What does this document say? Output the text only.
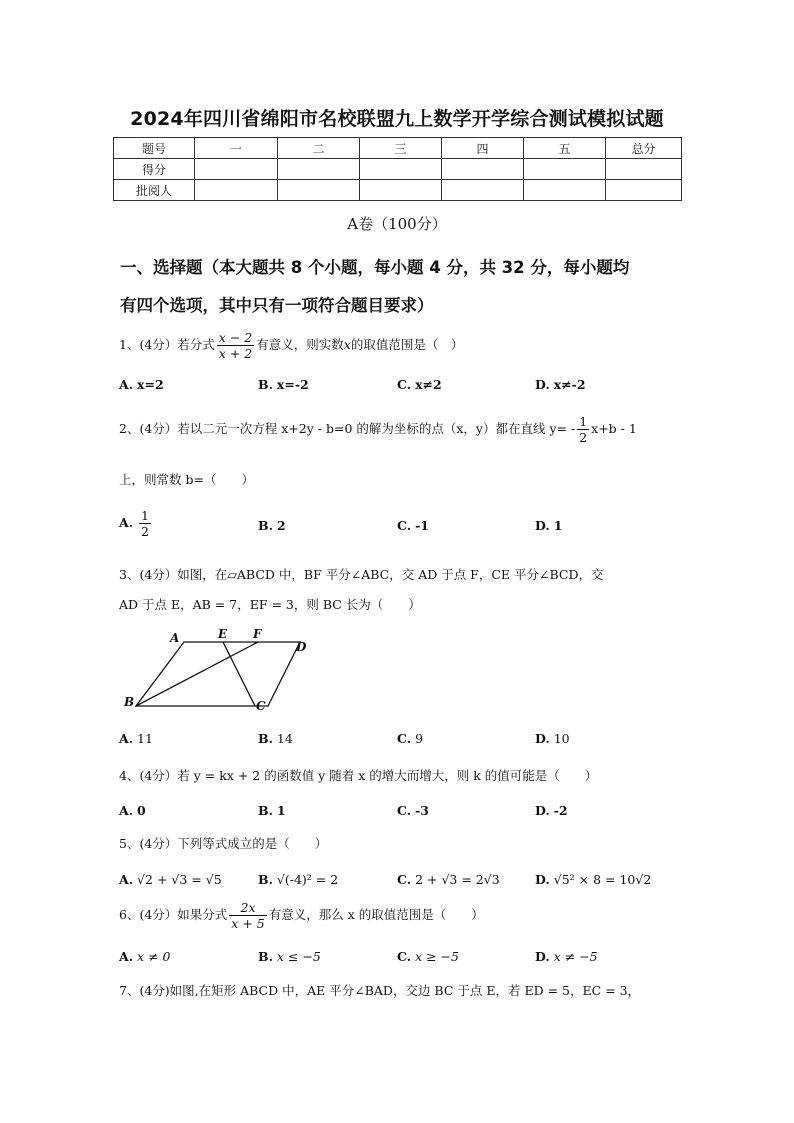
2024年四川省绵阳市名校联盟九上数学开学综合测试模拟试题
题号	一	二	三	四	五	总分
得分						
批阅人						
A卷（100分）
一、选择题（本大题共 8 个小题，每小题 4 分，共 32 分，每小题均
有四个选项，其中只有一项符合题目要求）
1、(4分）若分式 $\frac{x - 2}{x + 2}$ 有意义，则实数x的取值范围是（　）
A. x=2	B. x=-2	C. x≠2	D. x≠-2
2、(4分）若以二元一次方程 x+2y - b=0 的解为坐标的点（x，y）都在直线 $y= - \frac{1}{2} x+b - 1$
上，则常数 b=（　　）
A. $\frac{1}{2}$	B. 2	C. -1	D. 1
3、(4分）如图，在▱ABCD 中，BF 平分∠ABC，交 AD 于点 F，CE 平分∠BCD，交
AD 于点 E，AB = 7，EF = 3，则 BC 长为（　　）
A	E F
D
B	C
A. 11	B. 14	C. 9	D. 10
4、(4分）若 y = kx + 2 的函数值 y 随着 x 的增大而增大，则 k 的值可能是（　　）
A. 0	B. 1	C. -3	D. -2
5、(4分）下列等式成立的是（　　）
A. √2 + √3 = √5	B. √(-4)² = 2	C. 2 + √3 = 2√3	D. √5² × 8 = 10√2
6、(4分）如果分式 $\frac{2x}{x + 5}$ 有意义，那么 x 的取值范围是（　　）
A. x ≠ 0	B. x ≤ −5	C. x ≥ −5	D. x ≠ −5
7、(4分)如图,在矩形 ABCD 中，AE 平分∠BAD，交边 BC 于点 E，若 ED = 5，EC = 3，
